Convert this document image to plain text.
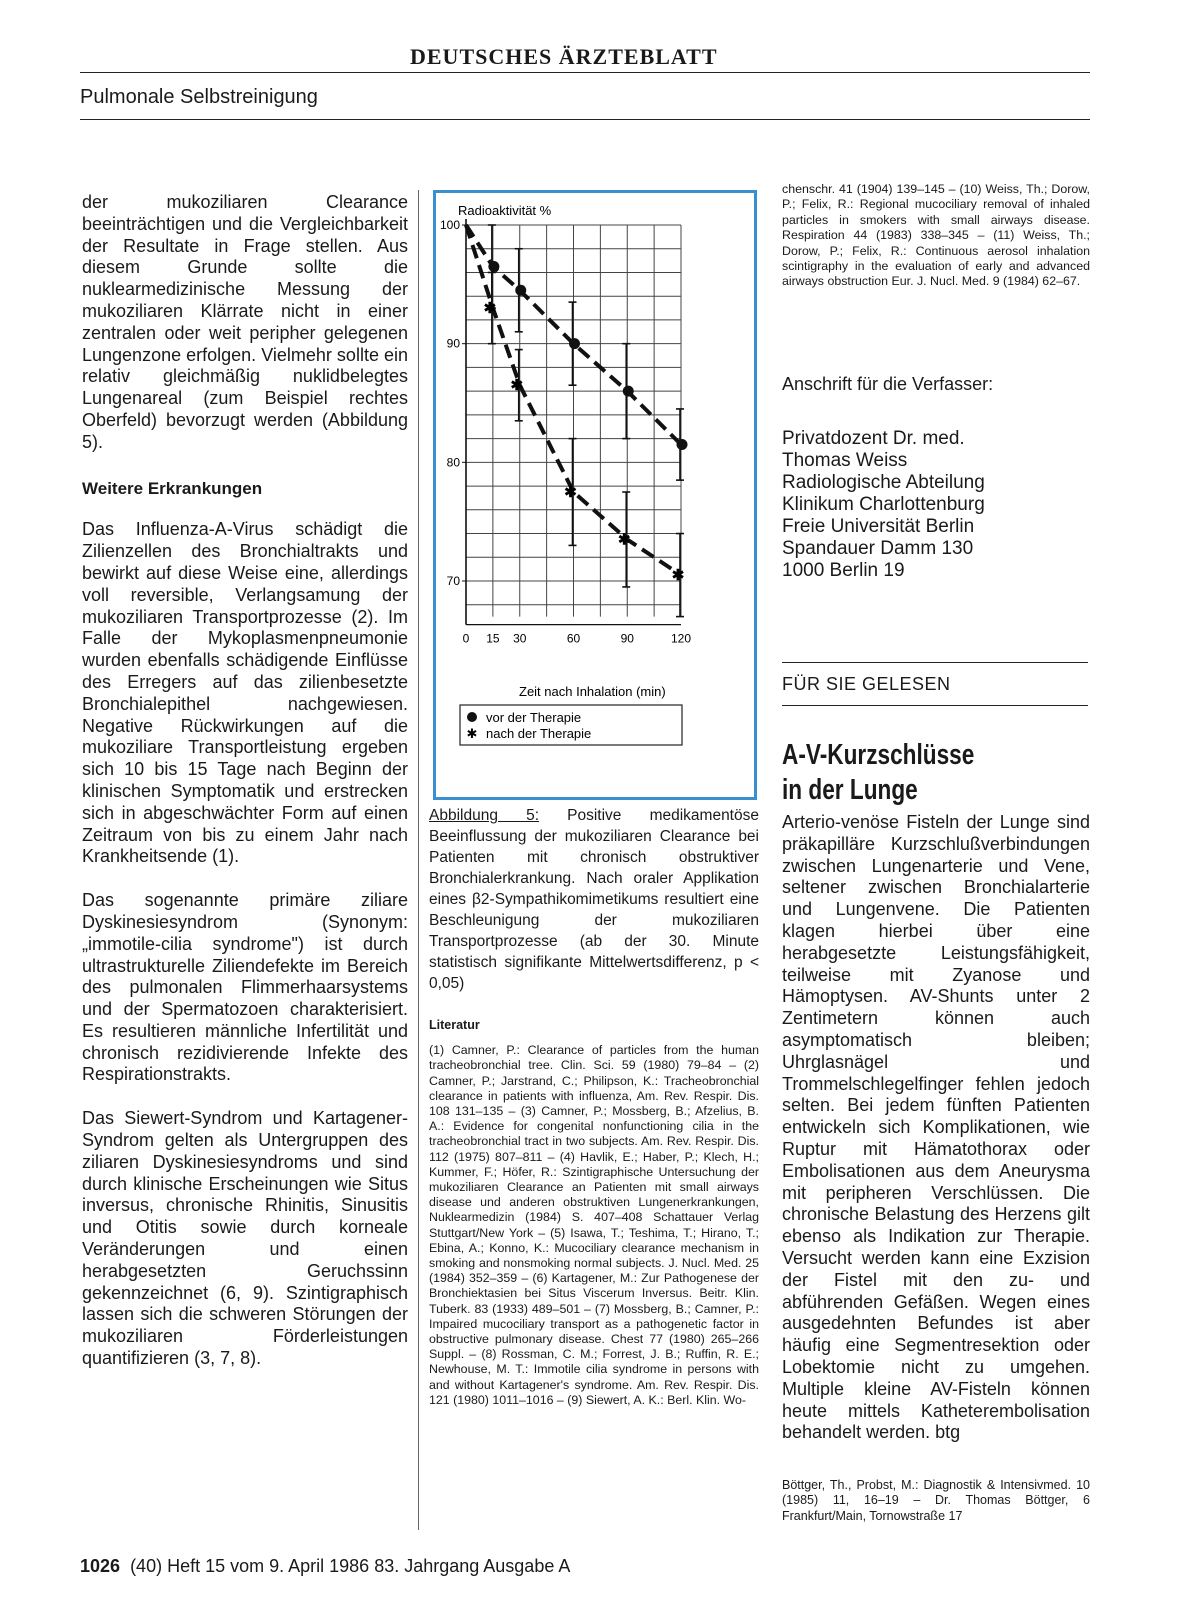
DEUTSCHES ÄRZTEBLATT
Pulmonale Selbstreinigung

der mukoziliaren Clearance beeinträchtigen und die Vergleichbarkeit der Resultate in Frage stellen. Aus diesem Grunde sollte die nuklearmedizinische Messung der mukoziliaren Klärrate nicht in einer zentralen oder weit peripher gelegenen Lungenzone erfolgen. Vielmehr sollte ein relativ gleichmäßig nuklidbelegtes Lungenareal (zum Beispiel rechtes Oberfeld) bevorzugt werden (Abbildung 5).

Weitere Erkrankungen

Das Influenza-A-Virus schädigt die Zilienzellen des Bronchialtrakts und bewirkt auf diese Weise eine, allerdings voll reversible, Verlangsamung der mukoziliaren Transportprozesse (2). Im Falle der Mykoplasmenpneumonie wurden ebenfalls schädigende Einflüsse des Erregers auf das zilienbesetzte Bronchialepithel nachgewiesen. Negative Rückwirkungen auf die mukoziliare Transportleistung ergeben sich 10 bis 15 Tage nach Beginn der klinischen Symptomatik und erstrecken sich in abgeschwächter Form auf einen Zeitraum von bis zu einem Jahr nach Krankheitsende (1).

Das sogenannte primäre ziliare Dyskinesiesyndrom (Synonym: „immotile-cilia syndrome") ist durch ultrastrukturelle Ziliendefekte im Bereich des pulmonalen Flimmerhaarsystems und der Spermatozoen charakterisiert. Es resultieren männliche Infertilität und chronisch rezidivierende Infekte des Respirationstrakts.

Das Siewert-Syndrom und Kartagener-Syndrom gelten als Untergruppen des ziliaren Dyskinesiesyndroms und sind durch klinische Erscheinungen wie Situs inversus, chronische Rhinitis, Sinusitis und Otitis sowie durch korneale Veränderungen und einen herabgesetzten Geruchssinn gekennzeichnet (6, 9). Szintigraphisch lassen sich die schweren Störungen der mukoziliaren Förderleistungen quantifizieren (3, 7, 8).

100
90
80
70
0 15 30	60	90	120
Radioaktivität %
Zeit nach Inhalation (min)
✱
✱
✱
✱
✱
vor der Therapie
✱ nach der Therapie
Abbildung 5: Positive medikamentöse Beeinflussung der mukoziliaren Clearance bei Patienten mit chronisch obstruktiver Bronchialerkrankung. Nach oraler Applikation eines β2-Sympathikomimetikums resultiert eine Beschleunigung der mukoziliaren Transportprozesse (ab der 30. Minute statistisch signifikante Mittelwertsdifferenz, p < 0,05)
Literatur
(1) Camner, P.: Clearance of particles from the human tracheobronchial tree. Clin. Sci. 59 (1980) 79–84 – (2) Camner, P.; Jarstrand, C.; Philipson, K.: Tracheobronchial clearance in patients with influenza, Am. Rev. Respir. Dis. 108 131–135 – (3) Camner, P.; Mossberg, B.; Afzelius, B. A.: Evidence for congenital nonfunctioning cilia in the tracheobronchial tract in two subjects. Am. Rev. Respir. Dis. 112 (1975) 807–811 – (4) Havlik, E.; Haber, P.; Klech, H.; Kummer, F.; Höfer, R.: Szintigraphische Untersuchung der mukoziliaren Clearance an Patienten mit small airways disease und anderen obstruktiven Lungenerkrankungen, Nuklearmedizin (1984) S. 407–408 Schattauer Verlag Stuttgart/New York – (5) Isawa, T.; Teshima, T.; Hirano, T.; Ebina, A.; Konno, K.: Mucociliary clearance mechanism in smoking and nonsmoking normal subjects. J. Nucl. Med. 25 (1984) 352–359 – (6) Kartagener, M.: Zur Pathogenese der Bronchiektasien bei Situs Viscerum Inversus. Beitr. Klin. Tuberk. 83 (1933) 489–501 – (7) Mossberg, B.; Camner, P.: Impaired mucociliary transport as a pathogenetic factor in obstructive pulmonary disease. Chest 77 (1980) 265–266 Suppl. – (8) Rossman, C. M.; Forrest, J. B.; Ruffin, R. E.; Newhouse, M. T.: Immotile cilia syndrome in persons with and without Kartagener's syndrome. Am. Rev. Respir. Dis. 121 (1980) 1011–1016 – (9) Siewert, A. K.: Berl. Klin. Wo-
chenschr. 41 (1904) 139–145 – (10) Weiss, Th.; Dorow, P.; Felix, R.: Regional mucociliary removal of inhaled particles in smokers with small airways disease. Respiration 44 (1983) 338–345 – (11) Weiss, Th.; Dorow, P.; Felix, R.: Continuous aerosol inhalation scintigraphy in the evaluation of early and advanced airways obstruction Eur. J. Nucl. Med. 9 (1984) 62–67.
Anschrift für die Verfasser:
Privatdozent Dr. med.
Thomas Weiss
Radiologische Abteilung
Klinikum Charlottenburg
Freie Universität Berlin
Spandauer Damm 130
1000 Berlin 19
FÜR SIE GELESEN
A-V-Kurzschlüsse
in der Lunge
Arterio-venöse Fisteln der Lunge sind präkapilläre Kurzschlußverbindungen zwischen Lungenarterie und Vene, seltener zwischen Bronchialarterie und Lungenvene. Die Patienten klagen hierbei über eine herabgesetzte Leistungsfähigkeit, teilweise mit Zyanose und Hämoptysen. AV-Shunts unter 2 Zentimetern können auch asymptomatisch bleiben; Uhrglasnägel und Trommelschlegelfinger fehlen jedoch selten. Bei jedem fünften Patienten entwickeln sich Komplikationen, wie Ruptur mit Hämatothorax oder Embolisationen aus dem Aneurysma mit peripheren Verschlüssen. Die chronische Belastung des Herzens gilt ebenso als Indikation zur Therapie. Versucht werden kann eine Exzision der Fistel mit den zu- und abführenden Gefäßen. Wegen eines ausgedehnten Befundes ist aber häufig eine Segmentresektion oder Lobektomie nicht zu umgehen. Multiple kleine AV-Fisteln können heute mittels Katheterembolisation behandelt werden. btg
Böttger, Th., Probst, M.: Diagnostik & Intensivmed. 10 (1985) 11, 16–19 – Dr. Thomas Böttger, 6 Frankfurt/Main, Tornowstraße 17
1026 (40) Heft 15 vom 9. April 1986 83. Jahrgang Ausgabe A
